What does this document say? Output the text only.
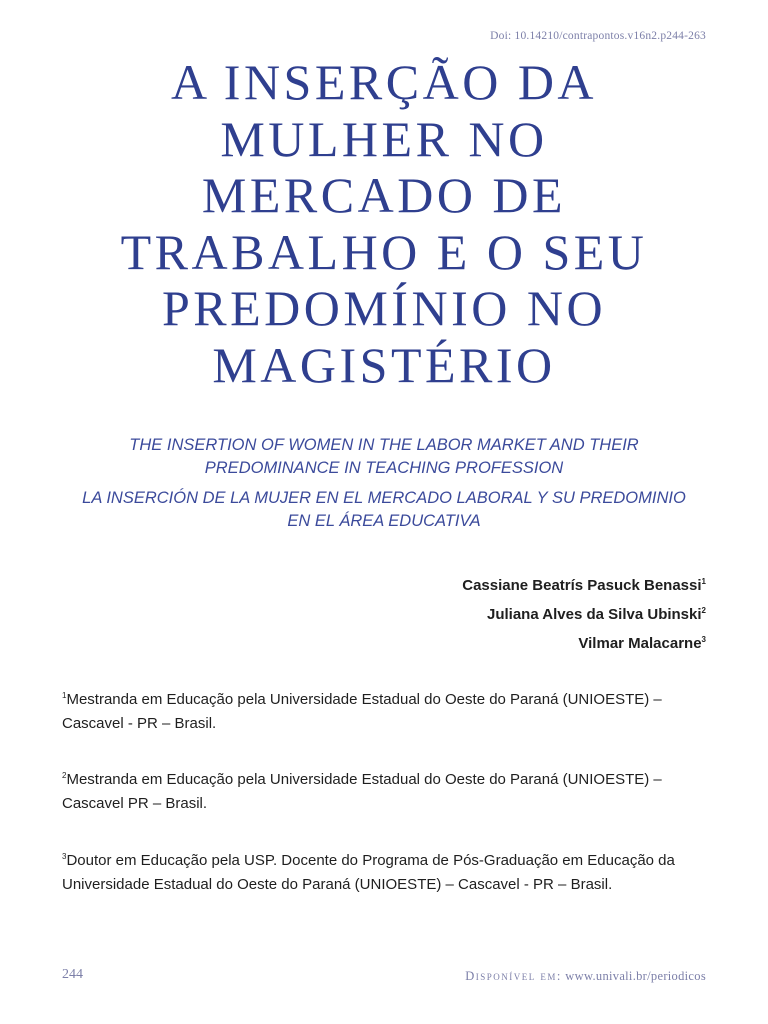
Doi: 10.14210/contrapontos.v16n2.p244-263
A INSERÇÃO DA
MULHER NO
MERCADO DE
TRABALHO E O SEU
PREDOMÍNIO NO
MAGISTÉRIO

THE INSERTION OF WOMEN IN THE LABOR MARKET AND THEIR PREDOMINANCE IN TEACHING PROFESSION

LA INSERCIÓN DE LA MUJER EN EL MERCADO LABORAL Y SU PREDOMINIO EN EL ÁREA EDUCATIVA

Cassiane Beatrís Pasuck Benassi$^1$
Juliana Alves da Silva Ubinski$^2$
Vilmar Malacarne$^3$

$^1$Mestranda em Educação pela Universidade Estadual do Oeste do Paraná (UNIOESTE) – Cascavel - PR – Brasil.

$^2$Mestranda em Educação pela Universidade Estadual do Oeste do Paraná (UNIOESTE) – Cascavel PR – Brasil.

$^3$Doutor em Educação pela USP. Docente do Programa de Pós-Graduação em Educação da Universidade Estadual do Oeste do Paraná (UNIOESTE) – Cascavel - PR – Brasil.

244	Disponível em: www.univali.br/periodicos
